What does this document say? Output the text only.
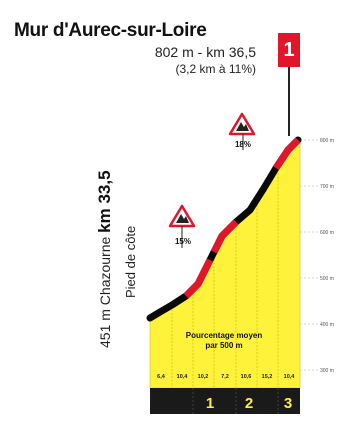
Mur d'Aurec-sur-Loire
802 m - km 36,5
(3,2 km à 11%)
1
451 m Chazourne km 33,5
Pied de côte
800 m
700 m
600 m
500 m
400 m
300 m
15%
18%
Pourcentage moyen
par 500 m
6,4 10,4 10,2 7,2 10,6 15,2 10,4
1 2 3
